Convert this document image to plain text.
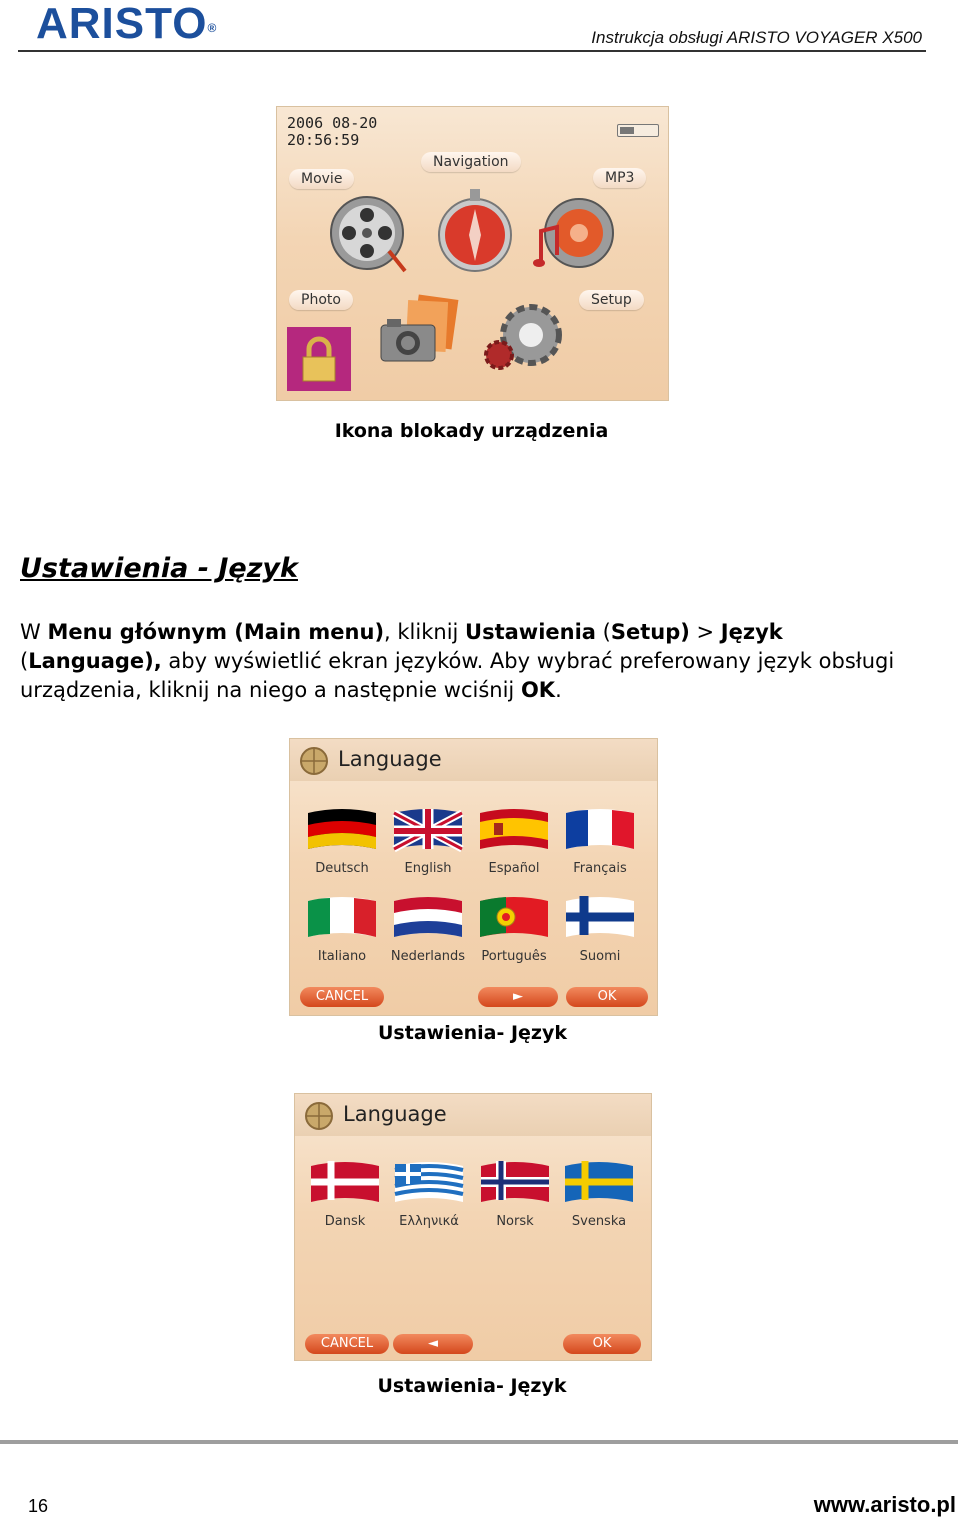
ARISTO®	Instrukcja obsługi ARISTO VOYAGER X500
2006 08-20
20:56:59
Movie
Navigation
MP3
Photo	Setup
Ikona blokady urządzenia
Ustawienia - Język
W Menu głównym (Main menu), kliknij Ustawienia (Setup) > Język (Language), aby wyświetlić ekran języków. Aby wybrać preferowany język obsługi urządzenia, kliknij na niego a następnie wciśnij OK.
Language
Deutsch	English	Español	Français
Italiano	Nederlands	Português	Suomi
CANCEL	►	OK
Ustawienia- Język
Language
Dansk	Ελληνικά	Norsk	Svenska
CANCEL	◄	OK
Ustawienia- Język
16	www.aristo.pl
